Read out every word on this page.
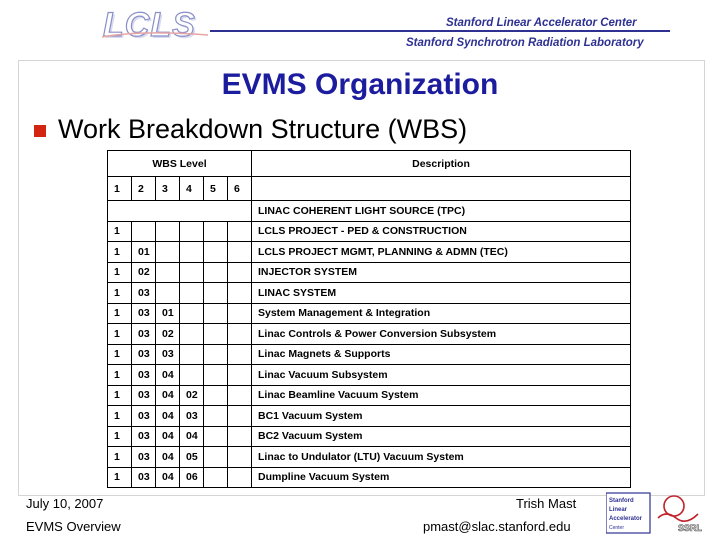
LCLS	Stanford Linear Accelerator Center
Stanford Synchrotron Radiation Laboratory
EVMS Organization
Work Breakdown Structure (WBS)
WBS Level						Description
1	2	3	4	5	6	
						LINAC COHERENT LIGHT SOURCE (TPC)
1						LCLS PROJECT - PED & CONSTRUCTION
1	01					LCLS PROJECT MGMT, PLANNING & ADMN (TEC)
1	02					INJECTOR SYSTEM
1	03					LINAC SYSTEM
1	03	01				System Management & Integration
1	03	02				Linac Controls & Power Conversion Subsystem
1	03	03				Linac Magnets & Supports
1	03	04				Linac Vacuum Subsystem
1	03	04	02			Linac Beamline Vacuum System
1	03	04	03			BC1 Vacuum System
1	03	04	04			BC2 Vacuum System
1	03	04	05			Linac to Undulator (LTU) Vacuum System
1	03	04	06			Dumpline Vacuum System
July 10, 2007
EVMS Overview
Trish Mast
pmast@slac.stanford.edu
Stanford
Linear
Accelerator
Center	SSRL
